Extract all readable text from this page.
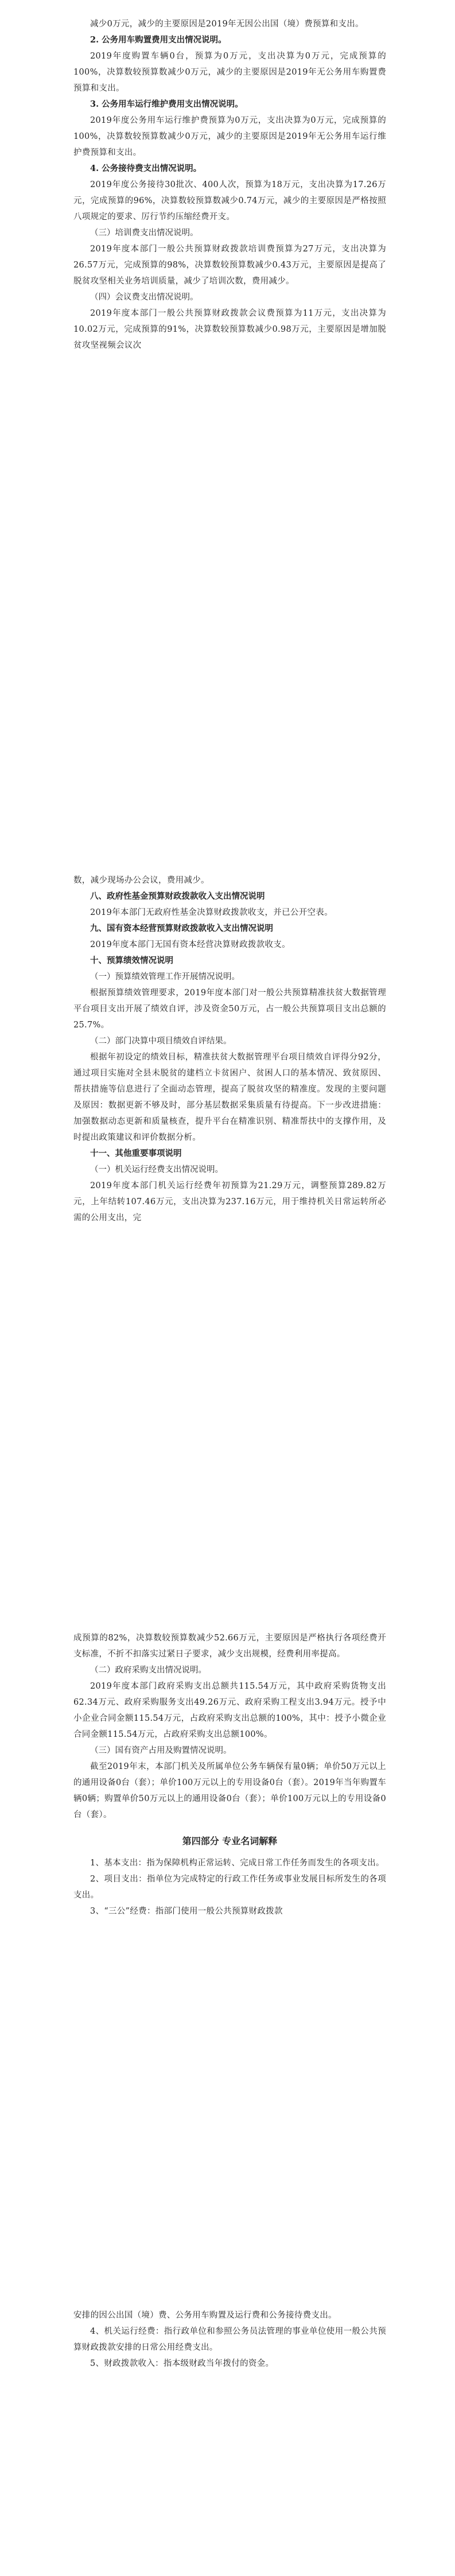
减少0万元，减少的主要原因是2019年无因公出国（境）费预算和支出。

2. 公务用车购置费用支出情况说明。

2019年度购置车辆0台，预算为0万元，支出决算为0万元，完成预算的100%，决算数较预算数减少0万元，减少的主要原因是2019年无公务用车购置费预算和支出。

3. 公务用车运行维护费用支出情况说明。

2019年度公务用车运行维护费预算为0万元，支出决算为0万元，完成预算的100%，决算数较预算数减少0万元，减少的主要原因是2019年无公务用车运行维护费预算和支出。

4. 公务接待费支出情况说明。

2019年度公务接待30批次、400人次，预算为18万元，支出决算为17.26万元，完成预算的96%，决算数较预算数减少0.74万元，减少的主要原因是严格按照八项规定的要求、厉行节约压缩经费开支。

（三）培训费支出情况说明。

2019年度本部门一般公共预算财政拨款培训费预算为27万元，支出决算为26.57万元，完成预算的98%，决算数较预算数减少0.43万元，主要原因是提高了脱贫攻坚相关业务培训质量，减少了培训次数，费用减少。

（四）会议费支出情况说明。

2019年度本部门一般公共预算财政拨款会议费预算为11万元，支出决算为10.02万元，完成预算的91%，决算数较预算数减少0.98万元，主要原因是增加脱贫攻坚视频会议次

数，减少现场办公会议，费用减少。

八、政府性基金预算财政拨款收入支出情况说明

2019年本部门无政府性基金决算财政拨款收支，并已公开空表。

九、国有资本经营预算财政拨款收入支出情况说明

2019年度本部门无国有资本经营决算财政拨款收支。

十、预算绩效情况说明

（一）预算绩效管理工作开展情况说明。

根据预算绩效管理要求，2019年度本部门对一般公共预算精准扶贫大数据管理平台项目支出开展了绩效自评，涉及资金50万元，占一般公共预算项目支出总额的25.7%。

（二）部门决算中项目绩效自评结果。

根据年初设定的绩效目标，精准扶贫大数据管理平台项目绩效自评得分92分，通过项目实施对全县未脱贫的建档立卡贫困户、贫困人口的基本情况、致贫原因、帮扶措施等信息进行了全面动态管理，提高了脱贫攻坚的精准度。发现的主要问题及原因：数据更新不够及时，部分基层数据采集质量有待提高。下一步改进措施：加强数据动态更新和质量核查，提升平台在精准识别、精准帮扶中的支撑作用，及时提出政策建议和评价数据分析。

十一、其他重要事项说明

（一）机关运行经费支出情况说明。

2019年度本部门机关运行经费年初预算为21.29万元，调整预算289.82万元，上年结转107.46万元，支出决算为237.16万元，用于维持机关日常运转所必需的公用支出，完

成预算的82%，决算数较预算数减少52.66万元，主要原因是严格执行各项经费开支标准，不折不扣落实过紧日子要求，减少支出规模，经费利用率提高。

（二）政府采购支出情况说明。

2019年度本部门政府采购支出总额共115.54万元，其中政府采购货物支出62.34万元、政府采购服务支出49.26万元、政府采购工程支出3.94万元。授予中小企业合同金额115.54万元，占政府采购支出总额的100%，其中：授予小微企业合同金额115.54万元，占政府采购支出总额100%。

（三）国有资产占用及购置情况说明。

截至2019年末，本部门机关及所属单位公务车辆保有量0辆；单价50万元以上的通用设备0台（套）；单价100万元以上的专用设备0台（套）。2019年当年购置车辆0辆；购置单价50万元以上的通用设备0台（套）；单价100万元以上的专用设备0台（套）。

第四部分 专业名词解释

1、基本支出：指为保障机构正常运转、完成日常工作任务而发生的各项支出。

2、项目支出：指单位为完成特定的行政工作任务或事业发展目标所发生的各项支出。

3、“三公”经费：指部门使用一般公共预算财政拨款

安排的因公出国（境）费、公务用车购置及运行费和公务接待费支出。

4、机关运行经费：指行政单位和参照公务员法管理的事业单位使用一般公共预算财政拨款安排的日常公用经费支出。

5、财政拨款收入：指本级财政当年拨付的资金。
